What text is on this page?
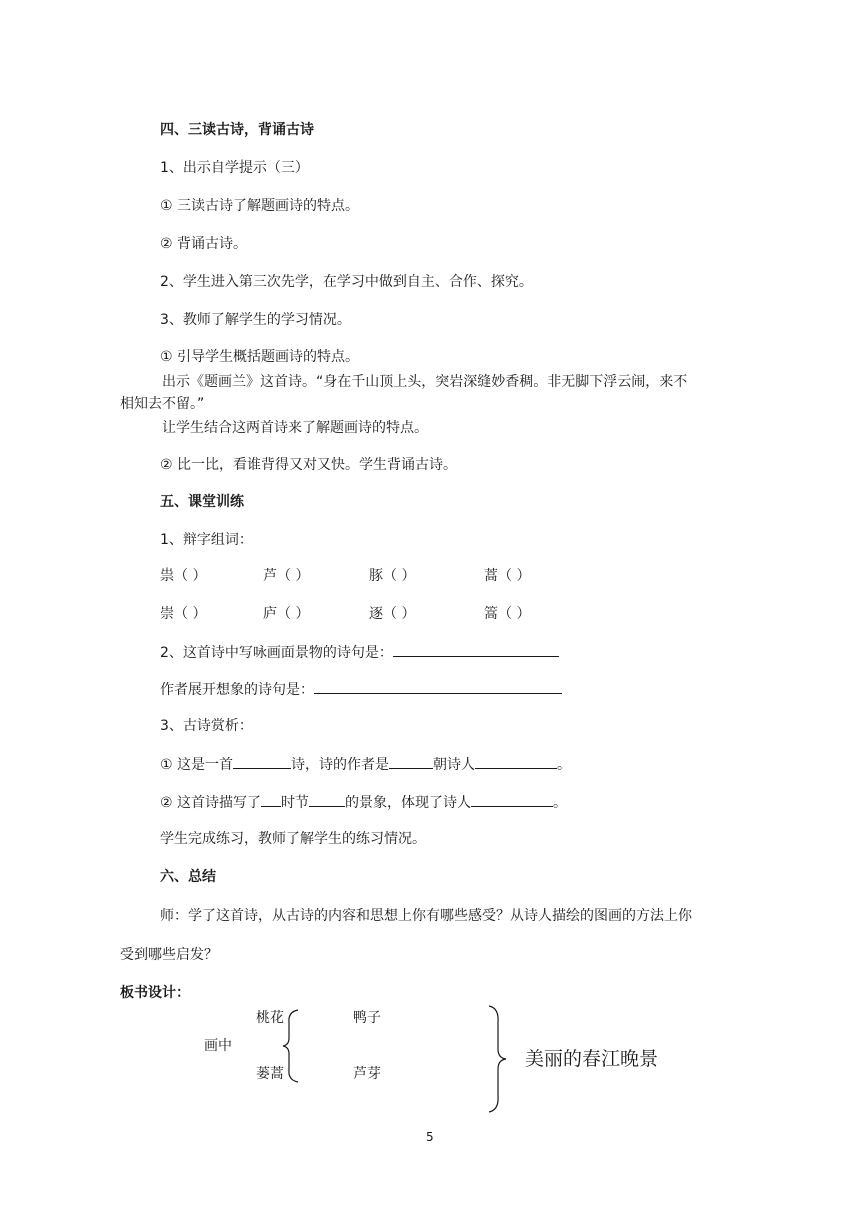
四、三读古诗，背诵古诗
1、出示自学提示（三）
① 三读古诗了解题画诗的特点。
② 背诵古诗。
2、学生进入第三次先学，在学习中做到自主、合作、探究。
3、教师了解学生的学习情况。
① 引导学生概括题画诗的特点。
出示《题画兰》这首诗。“身在千山顶上头，突岩深缝妙香稠。非无脚下浮云闹，来不
相知去不留。”
让学生结合这两首诗来了解题画诗的特点。
② 比一比，看谁背得又对又快。学生背诵古诗。
五、课堂训练
1、辩字组词：
祟（ ）	芦（ ）	豚（ ）	蒿（ ）
崇（ ）	庐（ ）	逐（ ）	篙（ ）
2、这首诗中写咏画面景物的诗句是：
作者展开想象的诗句是：
3、古诗赏析：
① 这是一首	诗，诗的作者是	朝诗人	。
② 这首诗描写了 时节	的景象，体现了诗人	。
学生完成练习，教师了解学生的练习情况。
六、总结
师：学了这首诗，从古诗的内容和思想上你有哪些感受？从诗人描绘的图画的方法上你
受到哪些启发？
板书设计：
桃花
画中
蒌蒿
鸭子
芦芽
美丽的春江晚景
5
